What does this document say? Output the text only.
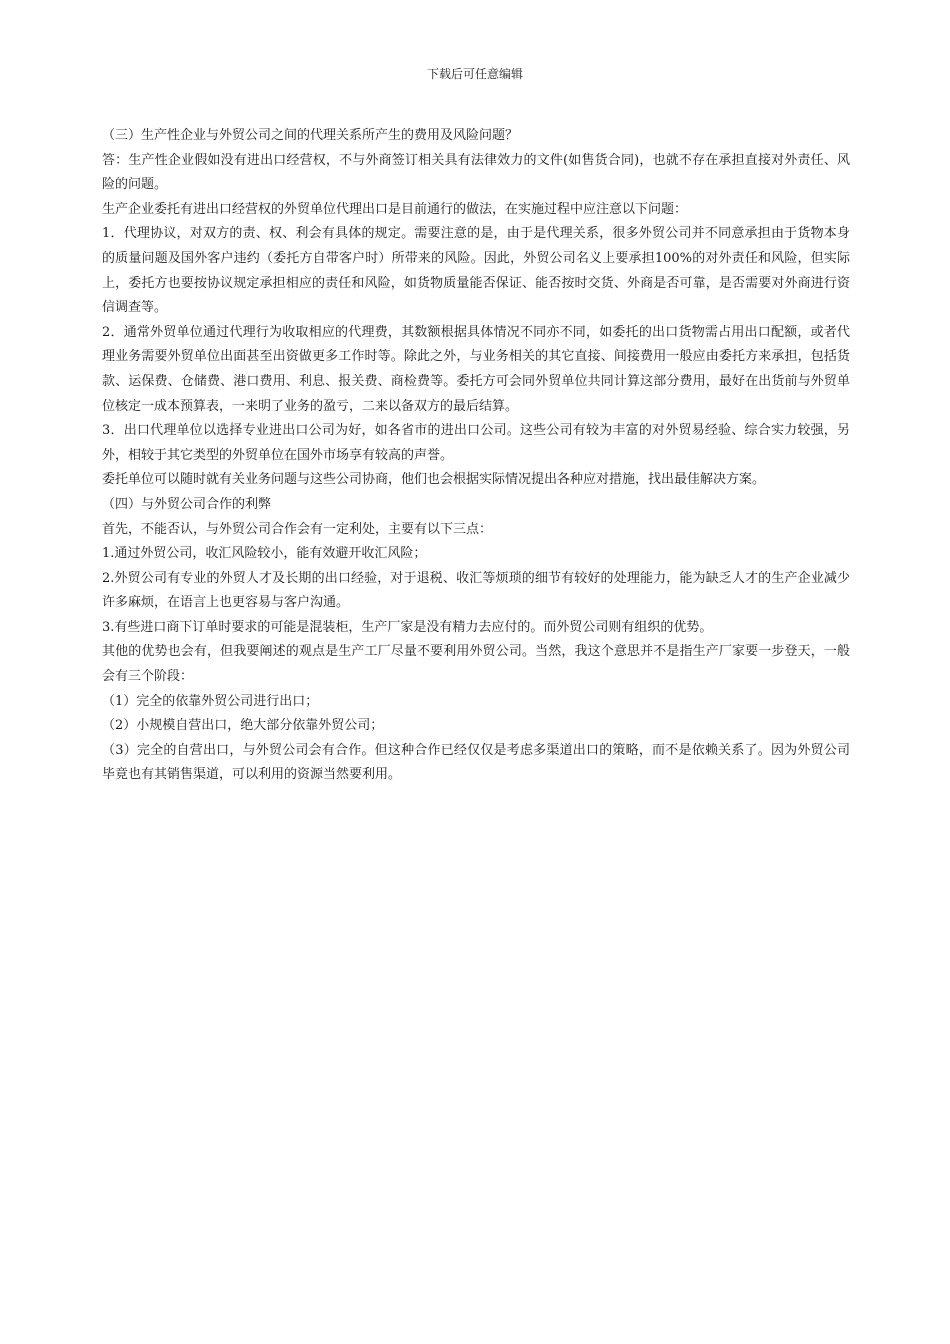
下载后可任意编辑

（三）生产性企业与外贸公司之间的代理关系所产生的费用及风险问题？

答：生产性企业假如没有进出口经营权，不与外商签订相关具有法律效力的文件(如售货合同)，也就不存在承担直接对外责任、风险的问题。

生产企业委托有进出口经营权的外贸单位代理出口是目前通行的做法，在实施过程中应注意以下问题：

1．代理协议，对双方的责、权、利会有具体的规定。需要注意的是，由于是代理关系，很多外贸公司并不同意承担由于货物本身的质量问题及国外客户违约（委托方自带客户时）所带来的风险。因此，外贸公司名义上要承担100%的对外责任和风险，但实际上，委托方也要按协议规定承担相应的责任和风险，如货物质量能否保证、能否按时交货、外商是否可靠，是否需要对外商进行资信调查等。

2．通常外贸单位通过代理行为收取相应的代理费，其数额根据具体情况不同亦不同，如委托的出口货物需占用出口配额，或者代理业务需要外贸单位出面甚至出资做更多工作时等。除此之外，与业务相关的其它直接、间接费用一般应由委托方来承担，包括货款、运保费、仓储费、港口费用、利息、报关费、商检费等。委托方可会同外贸单位共同计算这部分费用，最好在出货前与外贸单位核定一成本预算表，一来明了业务的盈亏，二来以备双方的最后结算。

3．出口代理单位以选择专业进出口公司为好，如各省市的进出口公司。这些公司有较为丰富的对外贸易经验、综合实力较强，另外，相较于其它类型的外贸单位在国外市场享有较高的声誉。

委托单位可以随时就有关业务问题与这些公司协商，他们也会根据实际情况提出各种应对措施，找出最佳解决方案。

（四）与外贸公司合作的利弊

首先，不能否认，与外贸公司合作会有一定利处，主要有以下三点：

1.通过外贸公司，收汇风险较小，能有效避开收汇风险；

2.外贸公司有专业的外贸人才及长期的出口经验，对于退税、收汇等烦琐的细节有较好的处理能力，能为缺乏人才的生产企业减少许多麻烦，在语言上也更容易与客户沟通。

3.有些进口商下订单时要求的可能是混装柜，生产厂家是没有精力去应付的。而外贸公司则有组织的优势。

其他的优势也会有，但我要阐述的观点是生产工厂尽量不要利用外贸公司。当然，我这个意思并不是指生产厂家要一步登天，一般会有三个阶段：

（1）完全的依靠外贸公司进行出口；

（2）小规模自营出口，绝大部分依靠外贸公司；

（3）完全的自营出口，与外贸公司会有合作。但这种合作已经仅仅是考虑多渠道出口的策略，而不是依赖关系了。因为外贸公司毕竟也有其销售渠道，可以利用的资源当然要利用。
